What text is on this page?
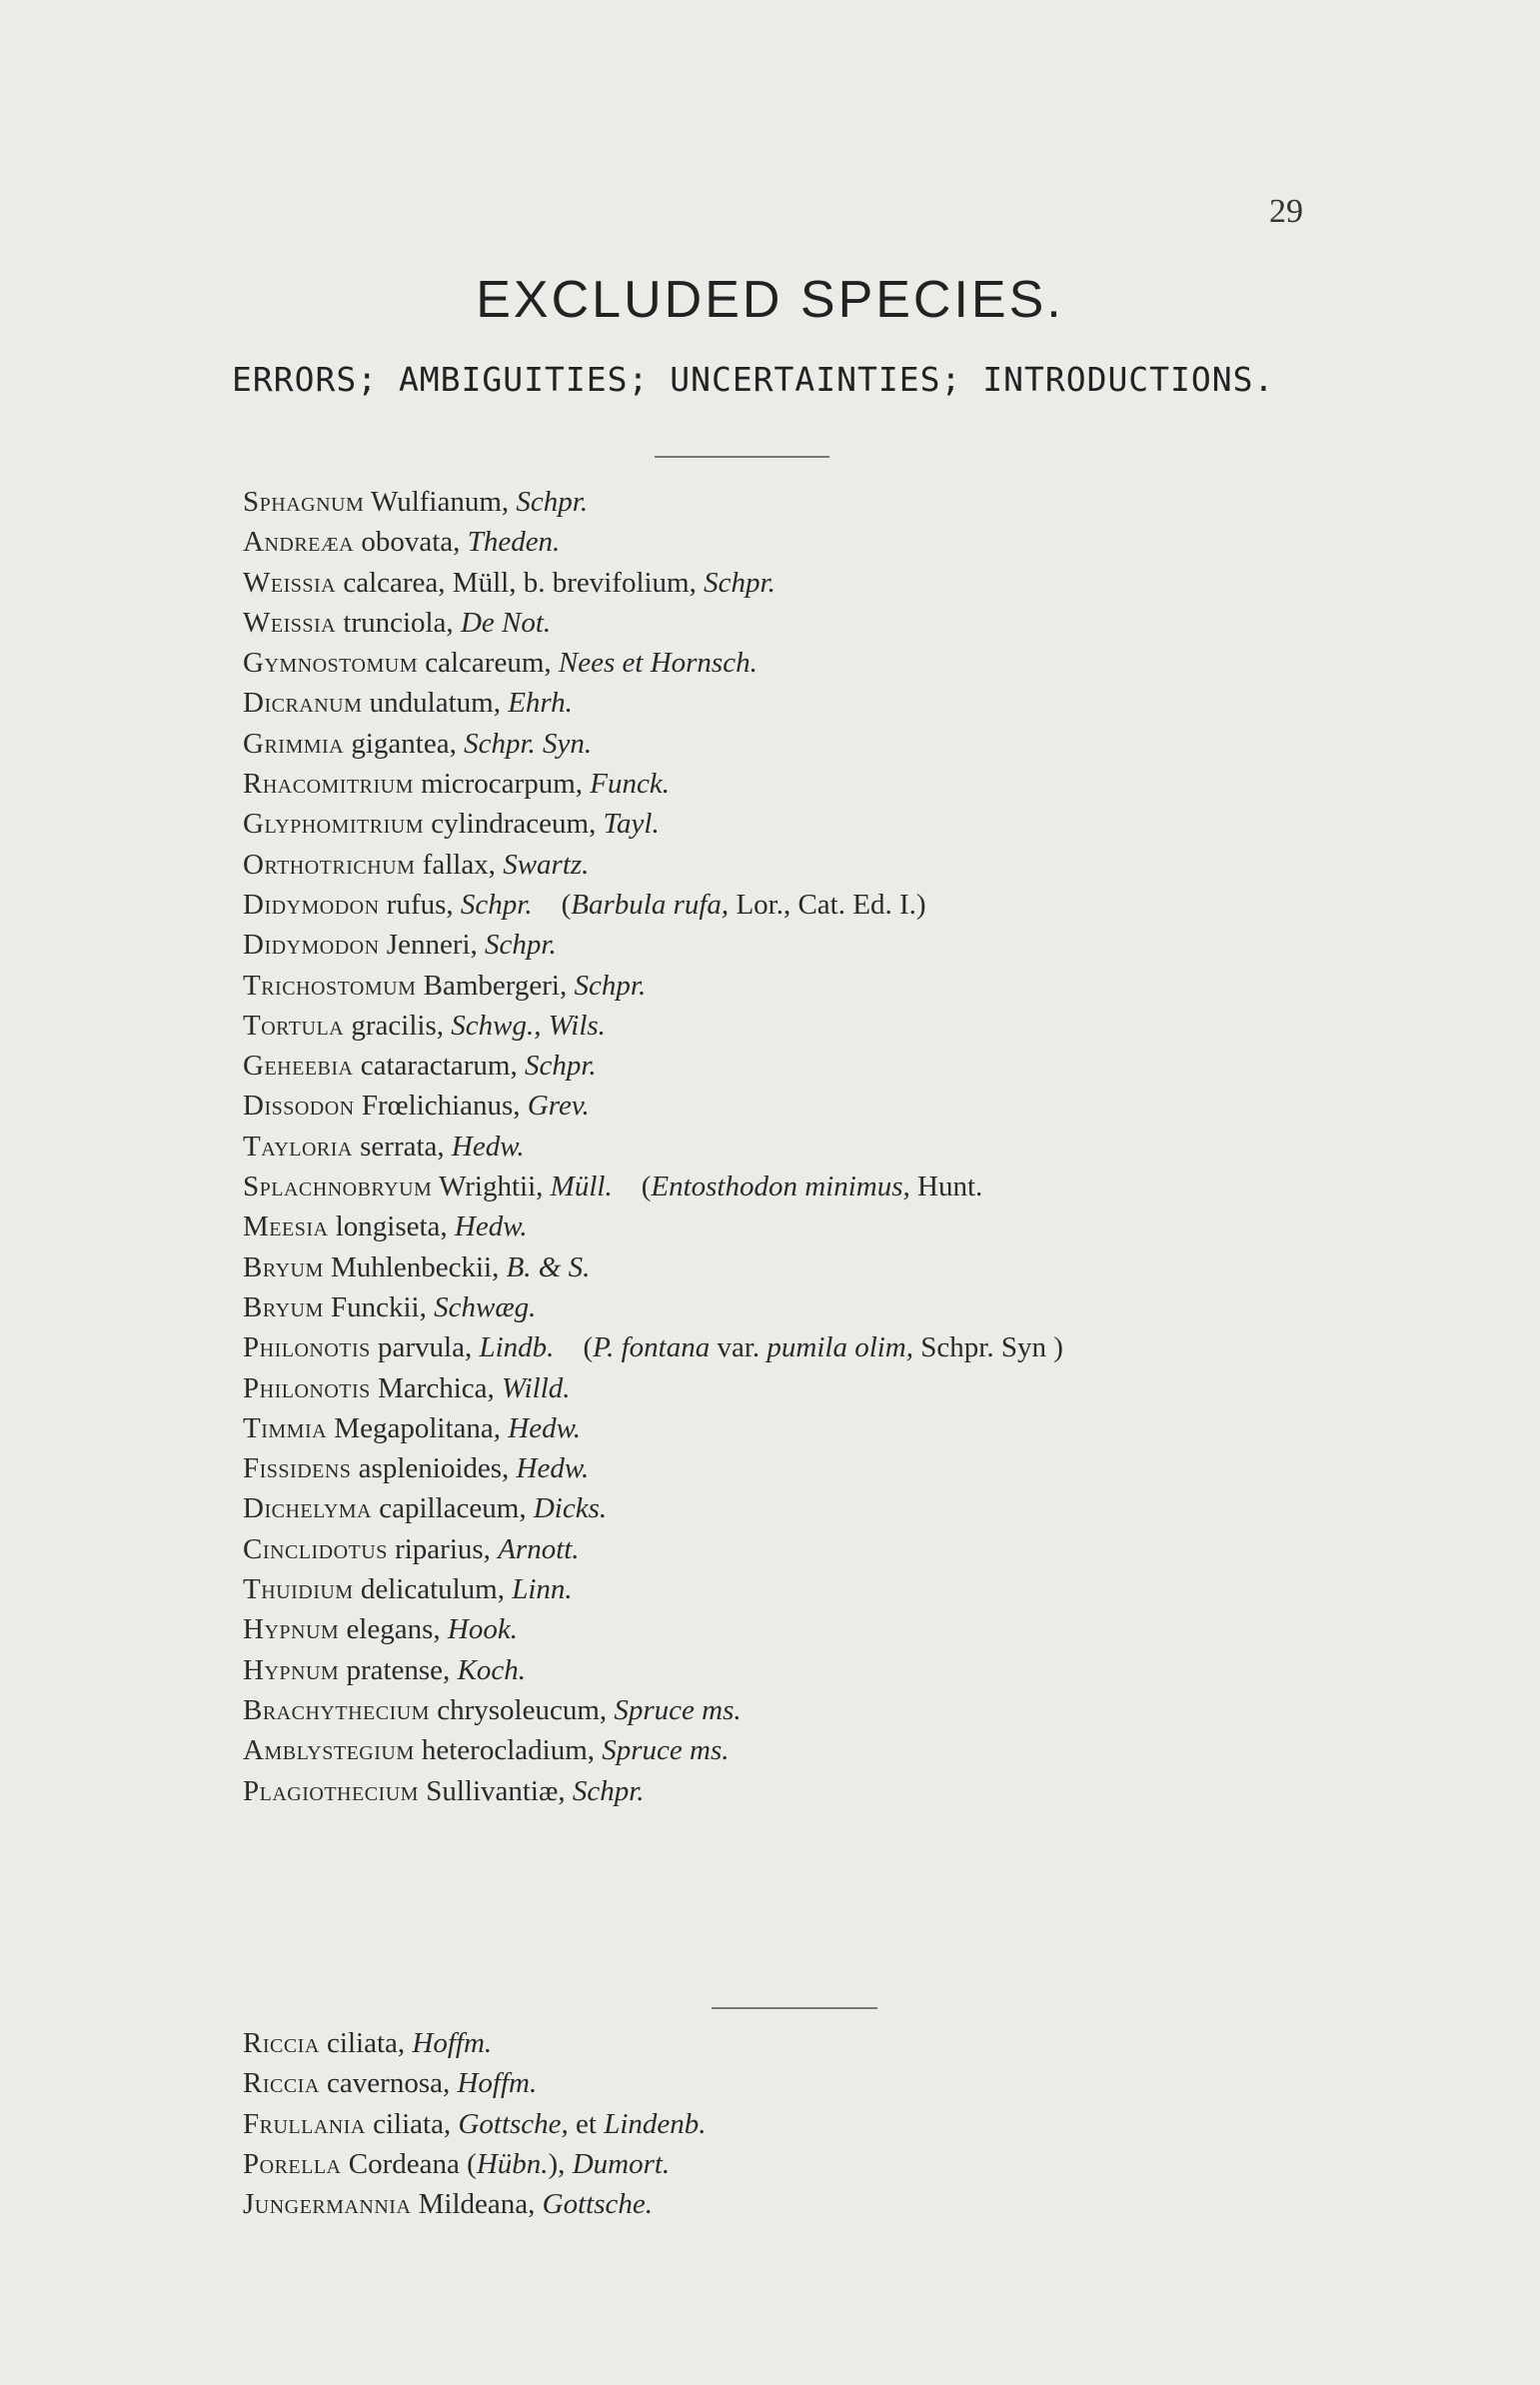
29
EXCLUDED SPECIES.
ERRORS; AMBIGUITIES; UNCERTAINTIES; INTRODUCTIONS.
Sphagnum Wulfianum, Schpr.
Andreæa obovata, Theden.
Weissia calcarea, Müll, b. brevifolium, Schpr.
Weissia trunciola, De Not.
Gymnostomum calcareum, Nees et Hornsch.
Dicranum undulatum, Ehrh.
Grimmia gigantea, Schpr. Syn.
Rhacomitrium microcarpum, Funck.
Glyphomitrium cylindraceum, Tayl.
Orthotrichum fallax, Swartz.
Didymodon rufus, Schpr. (Barbula rufa, Lor., Cat. Ed. I.)
Didymodon Jenneri, Schpr.
Trichostomum Bambergeri, Schpr.
Tortula gracilis, Schwg., Wils.
Geheebia cataractarum, Schpr.
Dissodon Frœlichianus, Grev.
Tayloria serrata, Hedw.
Splachnobryum Wrightii, Müll. (Entosthodon minimus, Hunt.
Meesia longiseta, Hedw.
Bryum Muhlenbeckii, B. & S.
Bryum Funckii, Schwæg.
Philonotis parvula, Lindb. (P. fontana var. pumila olim, Schpr. Syn )
Philonotis Marchica, Willd.
Timmia Megapolitana, Hedw.
Fissidens asplenioides, Hedw.
Dichelyma capillaceum, Dicks.
Cinclidotus riparius, Arnott.
Thuidium delicatulum, Linn.
Hypnum elegans, Hook.
Hypnum pratense, Koch.
Brachythecium chrysoleucum, Spruce ms.
Amblystegium heterocladium, Spruce ms.
Plagiothecium Sullivantiæ, Schpr.
Riccia ciliata, Hoffm.
Riccia cavernosa, Hoffm.
Frullania ciliata, Gottsche, et Lindenb.
Porella Cordeana (Hübn.), Dumort.
Jungermannia Mildeana, Gottsche.
